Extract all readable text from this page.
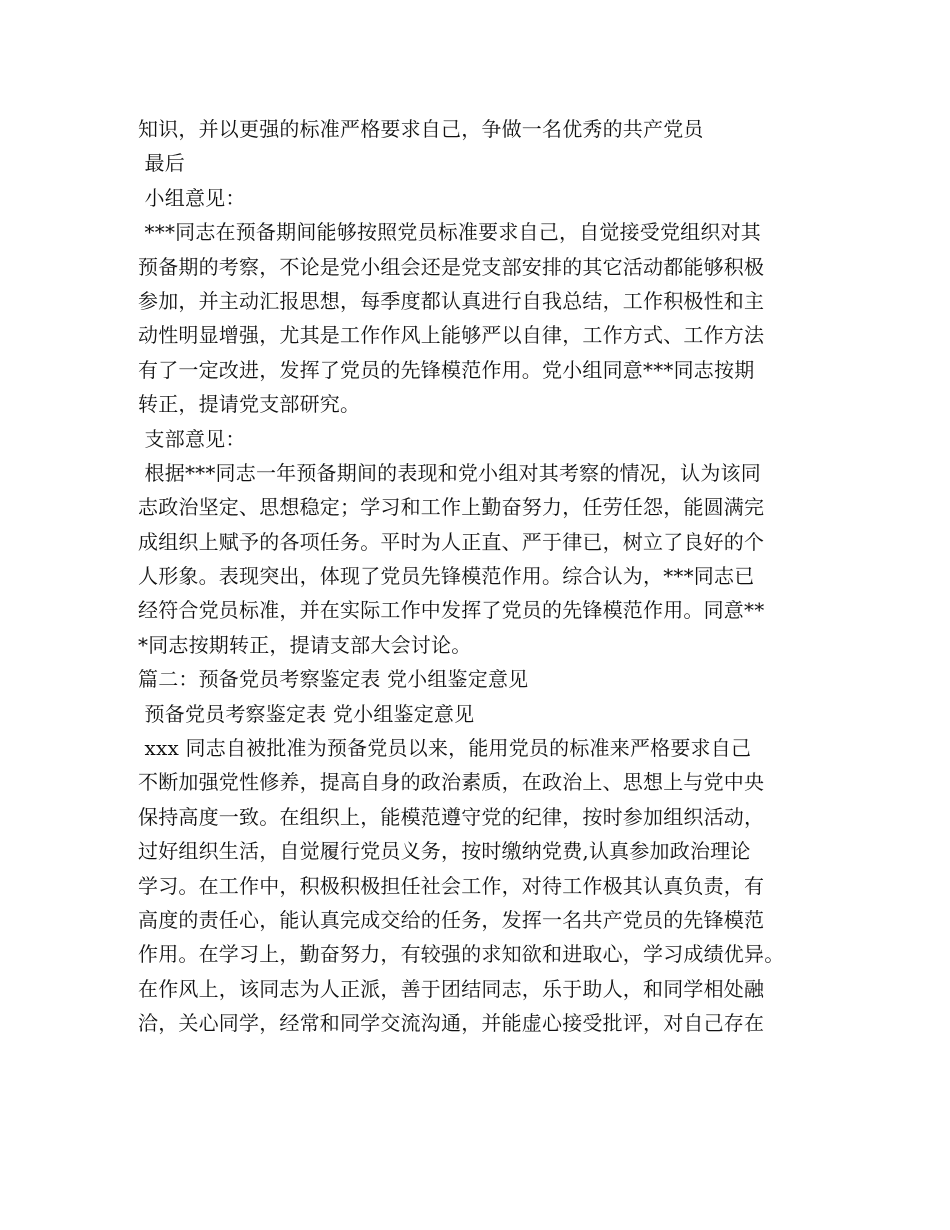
知识，并以更强的标准严格要求自己，争做一名优秀的共产党员
最后
小组意见：
***同志在预备期间能够按照党员标准要求自己，自觉接受党组织对其
预备期的考察，不论是党小组会还是党支部安排的其它活动都能够积极
参加，并主动汇报思想，每季度都认真进行自我总结，工作积极性和主
动性明显增强，尤其是工作作风上能够严以自律，工作方式、工作方法
有了一定改进，发挥了党员的先锋模范作用。党小组同意***同志按期
转正，提请党支部研究。
支部意见：
根据***同志一年预备期间的表现和党小组对其考察的情况，认为该同
志政治坚定、思想稳定；学习和工作上勤奋努力，任劳任怨，能圆满完
成组织上赋予的各项任务。平时为人正直、严于律已，树立了良好的个
人形象。表现突出，体现了党员先锋模范作用。综合认为，***同志已
经符合党员标准，并在实际工作中发挥了党员的先锋模范作用。同意**
*同志按期转正，提请支部大会讨论。
篇二：预备党员考察鉴定表 党小组鉴定意见
预备党员考察鉴定表 党小组鉴定意见
xxx 同志自被批准为预备党员以来，能用党员的标准来严格要求自己
不断加强党性修养，提高自身的政治素质，在政治上、思想上与党中央
保持高度一致。在组织上，能模范遵守党的纪律，按时参加组织活动，
过好组织生活，自觉履行党员义务，按时缴纳党费,认真参加政治理论
学习。在工作中，积极积极担任社会工作，对待工作极其认真负责，有
高度的责任心，能认真完成交给的任务，发挥一名共产党员的先锋模范
作用。在学习上，勤奋努力，有较强的求知欲和进取心，学习成绩优异。
在作风上，该同志为人正派，善于团结同志，乐于助人，和同学相处融
洽，关心同学，经常和同学交流沟通，并能虚心接受批评，对自己存在
